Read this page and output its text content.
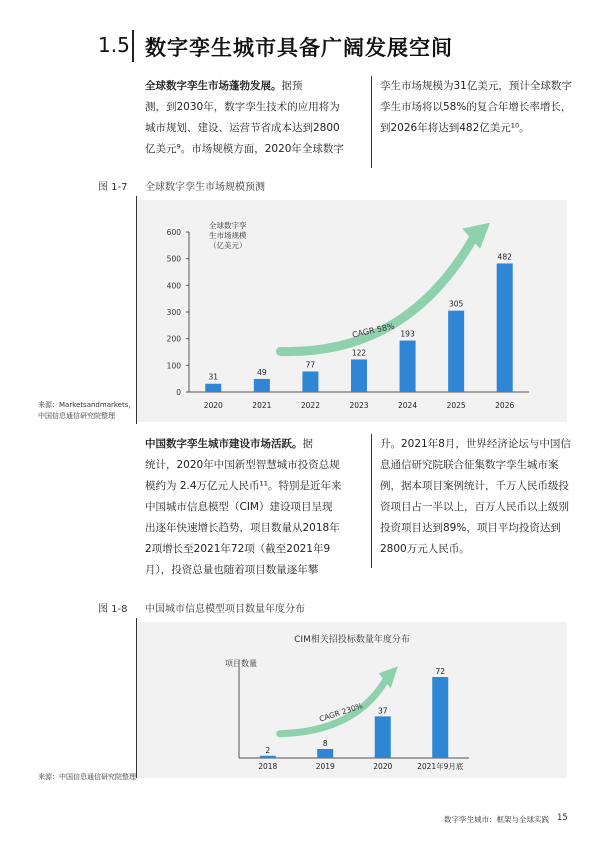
1.5 数字孪生城市具备广阔发展空间
全球数字孪生市场蓬勃发展。据预
测，到2030年，数字孪生技术的应用将为
城市规划、建设、运营节省成本达到2800
亿美元⁹。市场规模方面，2020年全球数字
孪生市场规模为31亿美元，预计全球数字
孪生市场将以58%的复合年增长率增长，
到2026年将达到482亿美元¹⁰。
图 1-7 全球数字孪生市场规模预测
0
100
200
300
400
500
600
全球数字孪
生市场规模
（亿美元）
31
2020
49
2021
77
2022
122
2023
193
2024
305
2025
482
2026
CAGR 58%
来源：Marketsandmarkets，
中国信息通信研究院整理
中国数字孪生城市建设市场活跃。据
统计，2020年中国新型智慧城市投资总规
模约为 2.4万亿元人民币¹¹。特别是近年来
中国城市信息模型（CIM）建设项目呈现
出逐年快速增长趋势，项目数量从2018年
2项增长至2021年72项（截至2021年9
月），投资总量也随着项目数量逐年攀
升。2021年8月，世界经济论坛与中国信
息通信研究院联合征集数字孪生城市案
例，据本项目案例统计，千万人民币级投
资项目占一半以上，百万人民币以上级别
投资项目达到89%，项目平均投资达到
2800万元人民币。
图 1-8 中国城市信息模型项目数量年度分布
CIM相关招投标数量年度分布
项目数量
2
2018
8
2019
37
2020
72
2021年9月底
CAGR 230%
来源：中国信息通信研究院整理
数字孪生城市：框架与全球实践 15
